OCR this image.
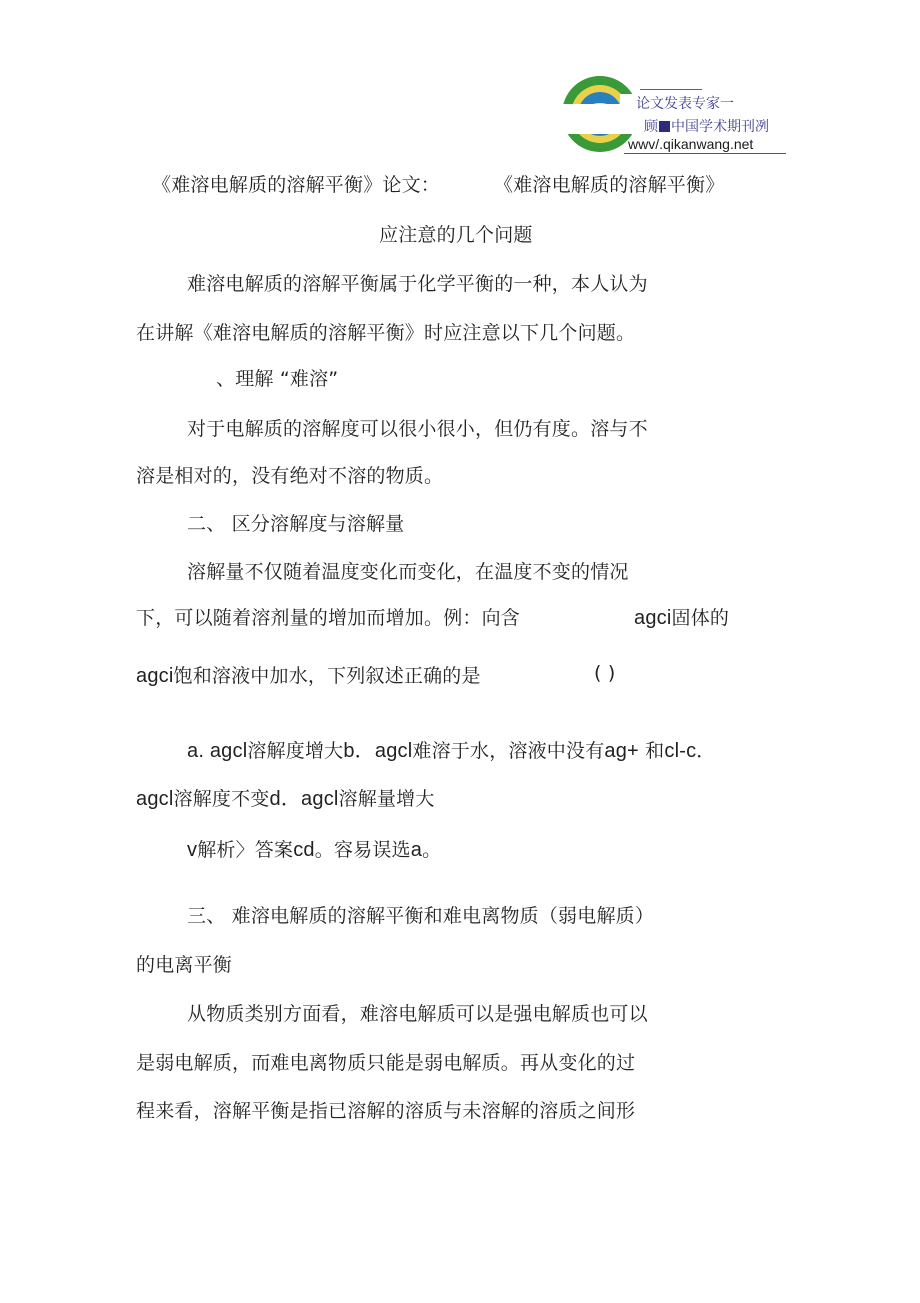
论文发表专家一
顾 中国学术期刊冽
wwv/.qikanwang.net
《难溶电解质的溶解平衡》论文：	《难溶电解质的溶解平衡》
应注意的几个问题
难溶电解质的溶解平衡属于化学平衡的一种，本人认为
在讲解《难溶电解质的溶解平衡》时应注意以下几个问题。
、理解 “难溶”
对于电解质的溶解度可以很小很小，但仍有度。溶与不
溶是相对的，没有绝对不溶的物质。
二、 区分溶解度与溶解量
溶解量不仅随着温度变化而变化，在温度不变的情况
下，可以随着溶剂量的增加而增加。例：向含	agci固体的
agci饱和溶液中加水，下列叙述正确的是	( )
a. agcl溶解度增大b．agcl难溶于水，溶液中没有ag+ 和cl-c．
agcl溶解度不变d．agcl溶解量增大
v解析〉答案cd。容易误选a。
三、 难溶电解质的溶解平衡和难电离物质（弱电解质）
的电离平衡
从物质类别方面看，难溶电解质可以是强电解质也可以
是弱电解质，而难电离物质只能是弱电解质。再从变化的过
程来看，溶解平衡是指已溶解的溶质与未溶解的溶质之间形
